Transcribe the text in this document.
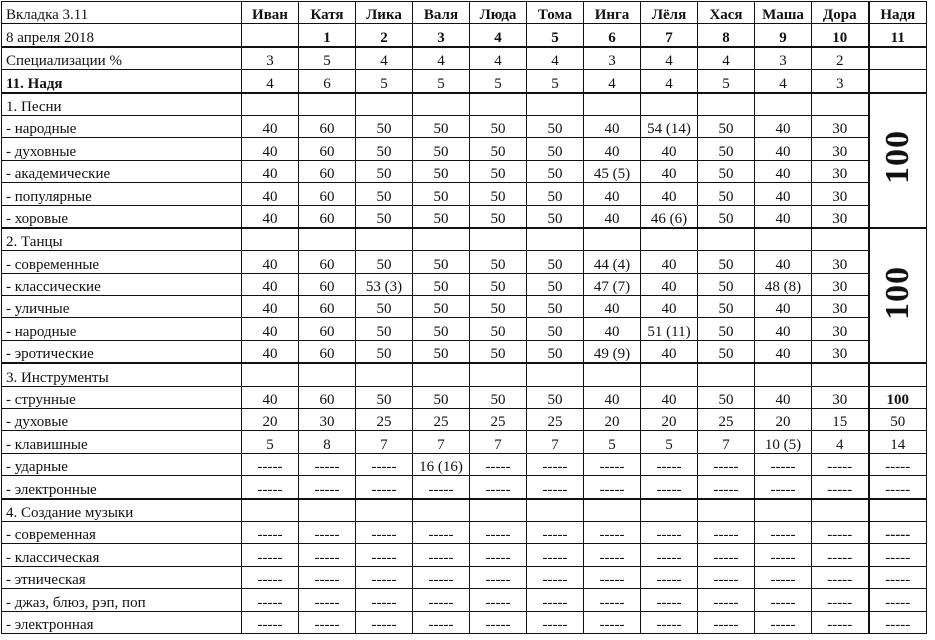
Вкладка 3.11	Иван	Катя	Лика	Валя	Люда	Тома	Инга	Лёля	Хася	Маша	Дора	Надя
8 апреля 2018		1	2	3	4	5	6	7	8	9	10	11
Специализации %	3	5	4	4	4	4	3	4	4	3	2	
11. Надя	4	6	5	5	5	5	4	4	5	4	3	
1. Песни												100
- народные	40	60	50	50	50	50	40	54 (14)	50	40	30	
- духовные	40	60	50	50	50	50	40	40	50	40	30	
- академические	40	60	50	50	50	50	45 (5)	40	50	40	30	
- популярные	40	60	50	50	50	50	40	40	50	40	30	
- хоровые	40	60	50	50	50	50	40	46 (6)	50	40	30	
2. Танцы												100
- современные	40	60	50	50	50	50	44 (4)	40	50	40	30	
- классические	40	60	53 (3)	50	50	50	47 (7)	40	50	48 (8)	30	
- уличные	40	60	50	50	50	50	40	40	50	40	30	
- народные	40	60	50	50	50	50	40	51 (11)	50	40	30	
- эротические	40	60	50	50	50	50	49 (9)	40	50	40	30	
3. Инструменты												
- струнные	40	60	50	50	50	50	40	40	50	40	30	100
- духовые	20	30	25	25	25	25	20	20	25	20	15	50
- клавишные	5	8	7	7	7	7	5	5	7	10 (5)	4	14
- ударные	-----	-----	-----	16 (16)	-----	-----	-----	-----	-----	-----	-----	-----
- электронные	-----	-----	-----	-----	-----	-----	-----	-----	-----	-----	-----	-----
4. Создание музыки												
- современная	-----	-----	-----	-----	-----	-----	-----	-----	-----	-----	-----	-----
- классическая	-----	-----	-----	-----	-----	-----	-----	-----	-----	-----	-----	-----
- этническая	-----	-----	-----	-----	-----	-----	-----	-----	-----	-----	-----	-----
- джаз, блюз, рэп, поп	-----	-----	-----	-----	-----	-----	-----	-----	-----	-----	-----	-----
- электронная	-----	-----	-----	-----	-----	-----	-----	-----	-----	-----	-----	-----
